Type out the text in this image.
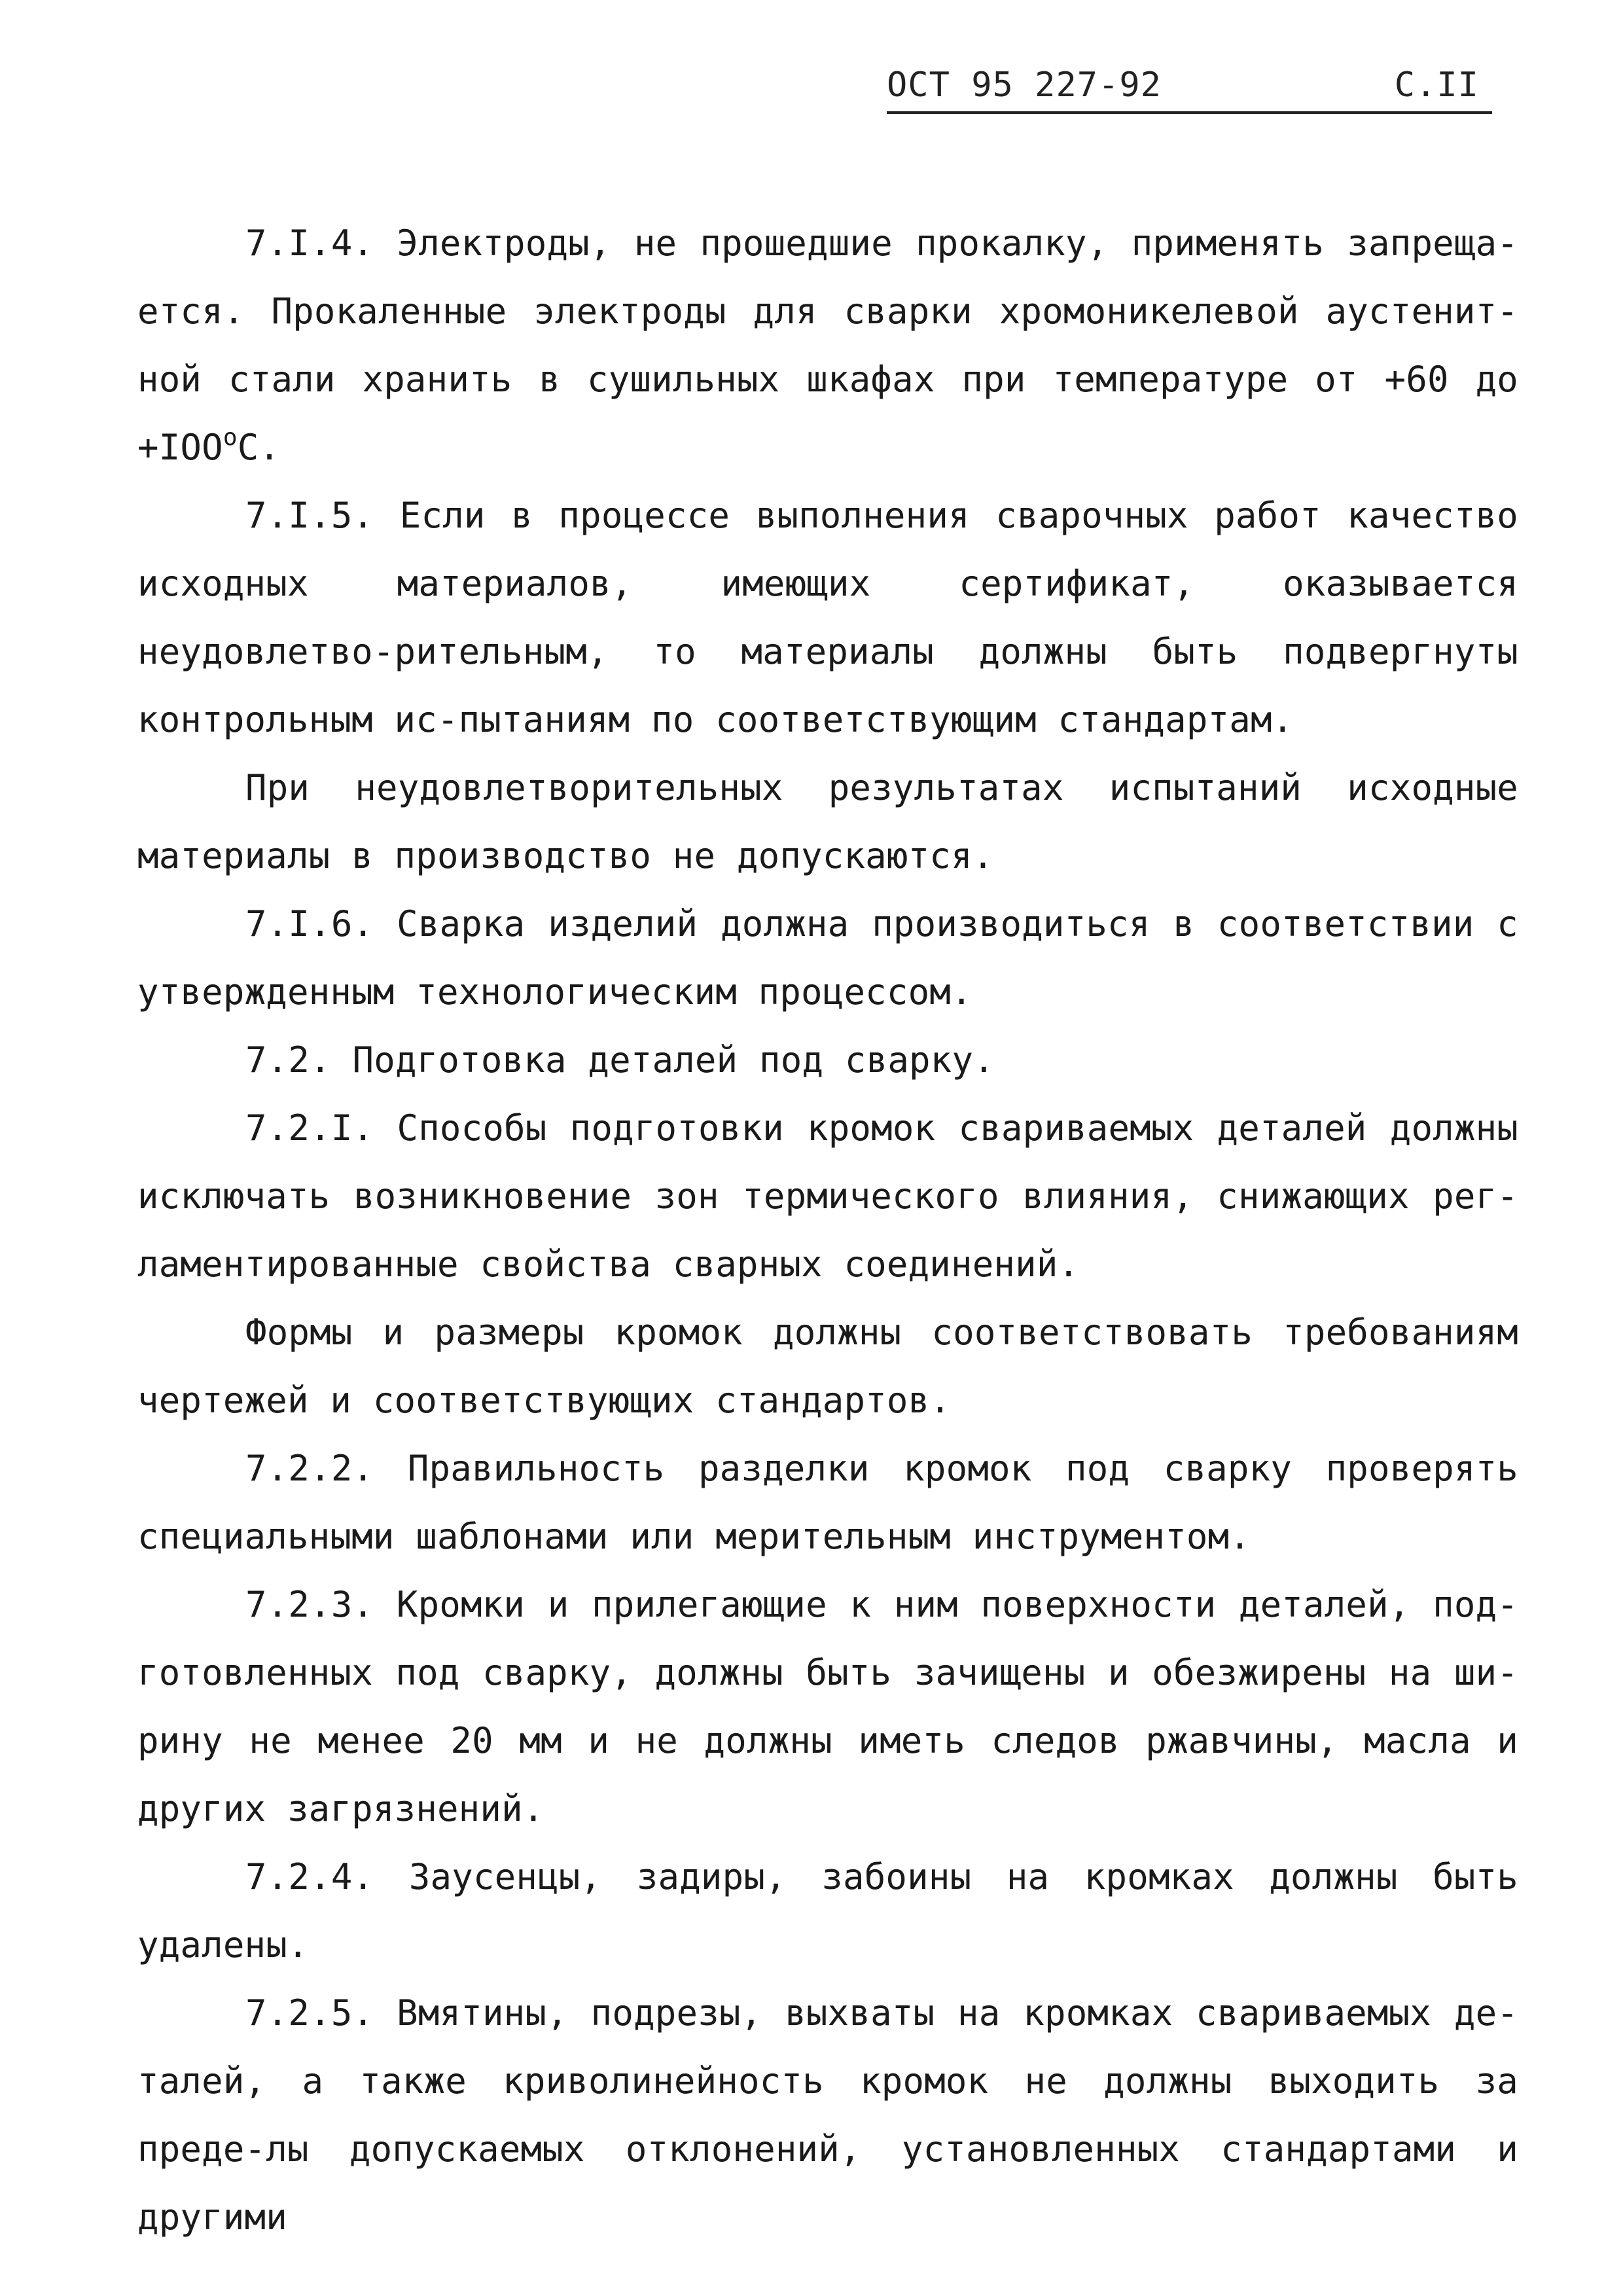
ОСТ 95 227-92	С.II

7.I.4. Электроды, не прошедшие прокалку, применять запреща-ется. Прокаленные электроды для сварки хромоникелевой аустенит-ной стали хранить в сушильных шкафах при температуре от +60 до $+IOO^оС$.

7.I.5. Если в процессе выполнения сварочных работ качество исходных материалов, имеющих сертификат, оказывается неудовлетво-рительным, то материалы должны быть подвергнуты контрольным ис-пытаниям по соответствующим стандартам.

При неудовлетворительных результатах испытаний исходные материалы в производство не допускаются.

7.I.6. Сварка изделий должна производиться в соответствии с утвержденным технологическим процессом.

7.2. Подготовка деталей под сварку.

7.2.I. Способы подготовки кромок свариваемых деталей должны исключать возникновение зон термического влияния, снижающих рег-ламентированные свойства сварных соединений.

Формы и размеры кромок должны соответствовать требованиям чертежей и соответствующих стандартов.

7.2.2. Правильность разделки кромок под сварку проверять специальными шаблонами или мерительным инструментом.

7.2.3. Кромки и прилегающие к ним поверхности деталей, под-готовленных под сварку, должны быть зачищены и обезжирены на ши-рину не менее 20 мм и не должны иметь следов ржавчины, масла и других загрязнений.

7.2.4. Заусенцы, задиры, забоины на кромках должны быть удалены.

7.2.5. Вмятины, подрезы, выхваты на кромках свариваемых де-талей, а также криволинейность кромок не должны выходить за преде-лы допускаемых отклонений, установленных стандартами и другими
